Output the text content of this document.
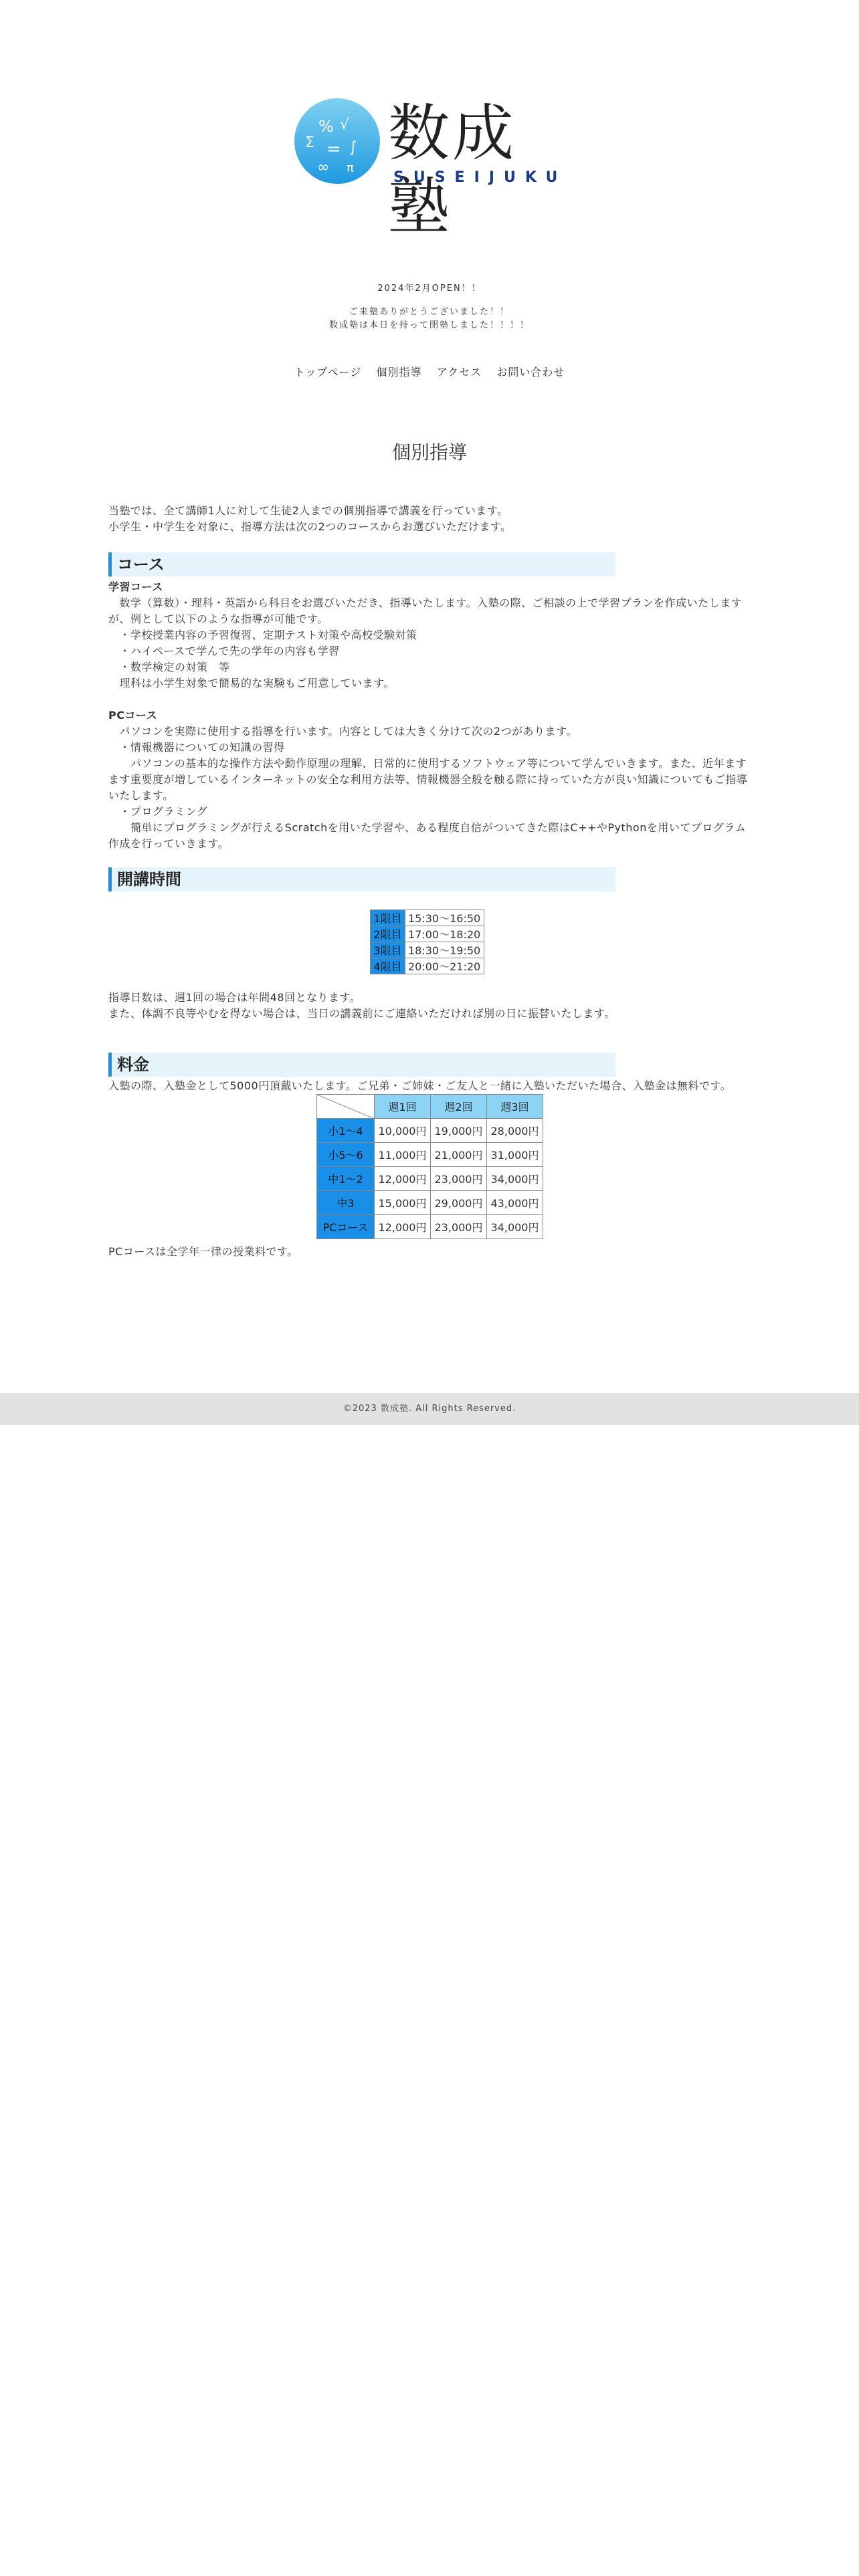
% √
Σ = ∫
∞ π 数成塾
SUSEIJUKU
2024年2月OPEN！！
ご来塾ありがとうございました！！
数成塾は本日を持って閉塾しました！！！！
トップページ 個別指導 アクセス お問い合わせ
個別指導

当塾では、全て講師1人に対して生徒2人までの個別指導で講義を行っています。

小学生・中学生を対象に、指導方法は次の2つのコースからお選びいただけます。

コース

学習コース

　数学（算数）・理科・英語から科目をお選びいただき、指導いたします。入塾の際、ご相談の上で学習プランを作成いたしますが、例として以下のような指導が可能です。

　・学校授業内容の予習復習、定期テスト対策や高校受験対策

　・ハイペースで学んで先の学年の内容も学習

　・数学検定の対策　等

　理科は小学生対象で簡易的な実験もご用意しています。

PCコース

　パソコンを実際に使用する指導を行います。内容としては大きく分けて次の2つがあります。

　・情報機器についての知識の習得

　　パソコンの基本的な操作方法や動作原理の理解、日常的に使用するソフトウェア等について学んでいきます。また、近年ますます重要度が増しているインターネットの安全な利用方法等、情報機器全般を触る際に持っていた方が良い知識についてもご指導いたします。

　・プログラミング

　　簡単にプログラミングが行えるScratchを用いた学習や、ある程度自信がついてきた際はC++やPythonを用いてプログラム作成を行っていきます。

開講時間
1限目	15:30〜16:50
2限目	17:00〜18:20
3限目	18:30〜19:50
4限目	20:00〜21:20

指導日数は、週1回の場合は年間48回となります。

また、体調不良等やむを得ない場合は、当日の講義前にご連絡いただければ別の日に振替いたします。

料金
入塾の際、入塾金として5000円頂戴いたします。ご兄弟・ご姉妹・ご友人と一緒に入塾いただいた場合、入塾金は無料です。
	週1回	週2回	週3回
小1〜4	10,000円	19,000円	28,000円
小5〜6	11,000円	21,000円	31,000円
中1〜2	12,000円	23,000円	34,000円
中3	15,000円	29,000円	43,000円
PCコース	12,000円	23,000円	34,000円
PCコースは全学年一律の授業料です。
©2023 数成塾. All Rights Reserved.
